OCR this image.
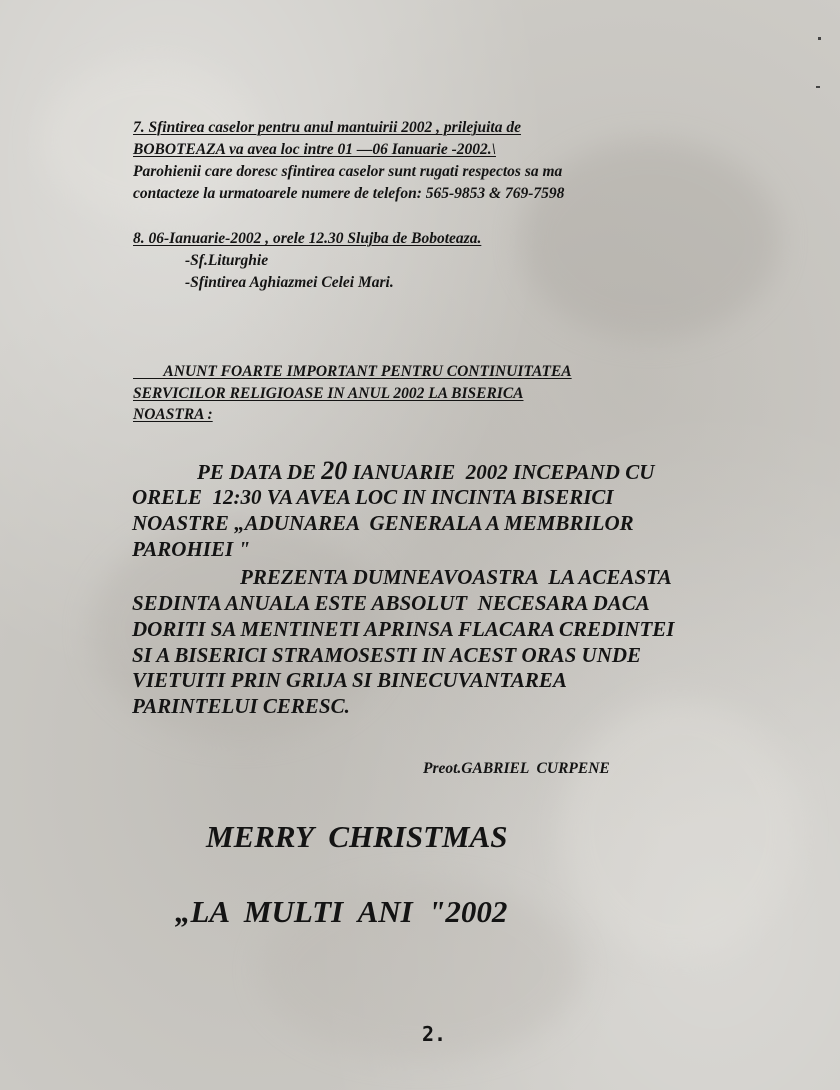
7. Sfintirea caselor pentru anul mantuirii 2002 , prilejuita de
BOBOTEAZA va avea loc intre 01 —06 Ianuarie -2002.\
Parohienii care doresc sfintirea caselor sunt rugati respectos sa ma
contacteze la urmatoarele numere de telefon: 565-9853 & 769-7598
8. 06-Ianuarie-2002 , orele 12.30 Slujba de Boboteaza.
-Sf.Liturghie
-Sfintirea Aghiazmei Celei Mari.
ANUNT FOARTE IMPORTANT PENTRU CONTINUITATEA
SERVICILOR RELIGIOASE IN ANUL 2002 LA BISERICA
NOASTRA :
PE DATA DE 20 IANUARIE  2002 INCEPAND CU
ORELE  12:30 VA AVEA LOC IN INCINTA BISERICI
NOASTRE „ADUNAREA  GENERALA A MEMBRILOR
PAROHIEI "
PREZENTA DUMNEAVOASTRA  LA ACEASTA
SEDINTA ANUALA ESTE ABSOLUT  NECESARA DACA
DORITI SA MENTINETI APRINSA FLACARA CREDINTEI
SI A BISERICI STRAMOSESTI IN ACEST ORAS UNDE
VIETUITI PRIN GRIJA SI BINECUVANTAREA
PARINTELUI CERESC.
Preot.GABRIEL  CURPENE
MERRY  CHRISTMAS
„LA  MULTI  ANI  "2002
2.
